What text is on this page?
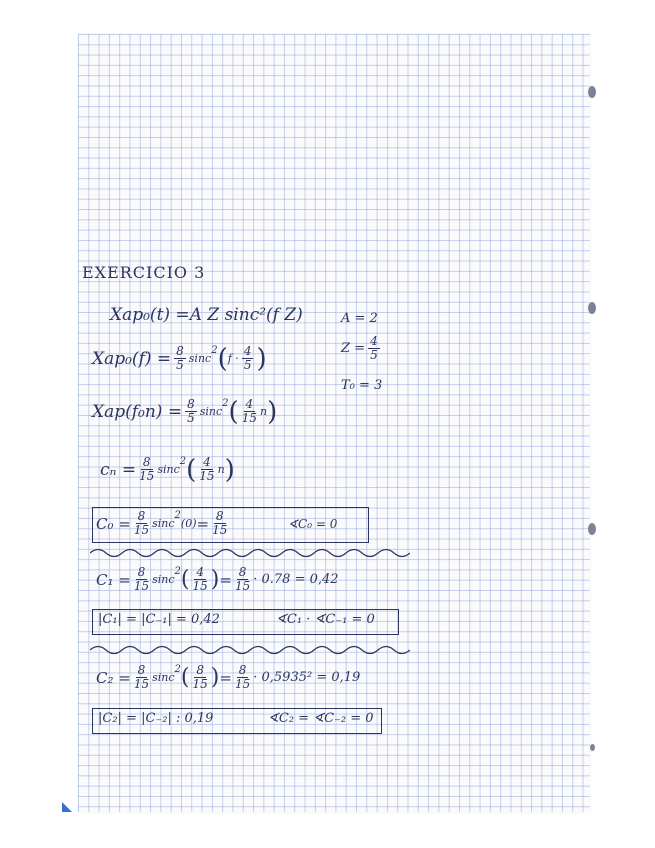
EXERCICIO 3
Xap₀(t) = A Z sinc²(f Z)	A = 2
$Z = \frac{4}{5}$
T₀ = 3
$Xap_0(f) = \frac{8}{5}$ sinc
2 ( $f \cdot \frac{4}{5}$ )
$Xap(f_0n) = \frac{8}{5}$ sinc
2 ( $\frac{4}{15}$ n )
$c_n = \frac{8}{15}$ sinc
2 ( $\frac{4}{15}$ n )
$C_0 = \frac{8}{15}$ sinc
2
$(0) = \frac{8}{15}$	∢C₀ = 0
$C_1 = \frac{8}{15}$ sinc
2 ( $\frac{4}{15}$ ) = $\frac{8}{15} \cdot 0.78 = 0,42$
|C₁| = |C₋₁| = 0,42	∢C₁ · ∢C₋₁ = 0
$C_2 = \frac{8}{15}$ sinc
2 ( $\frac{8}{15}$ ) = $\frac{8}{15} \cdot 0,5935^2 = 0,19$
|C₂| = |C₋₂| : 0,19	∢C₂ = ∢C₋₂ = 0
